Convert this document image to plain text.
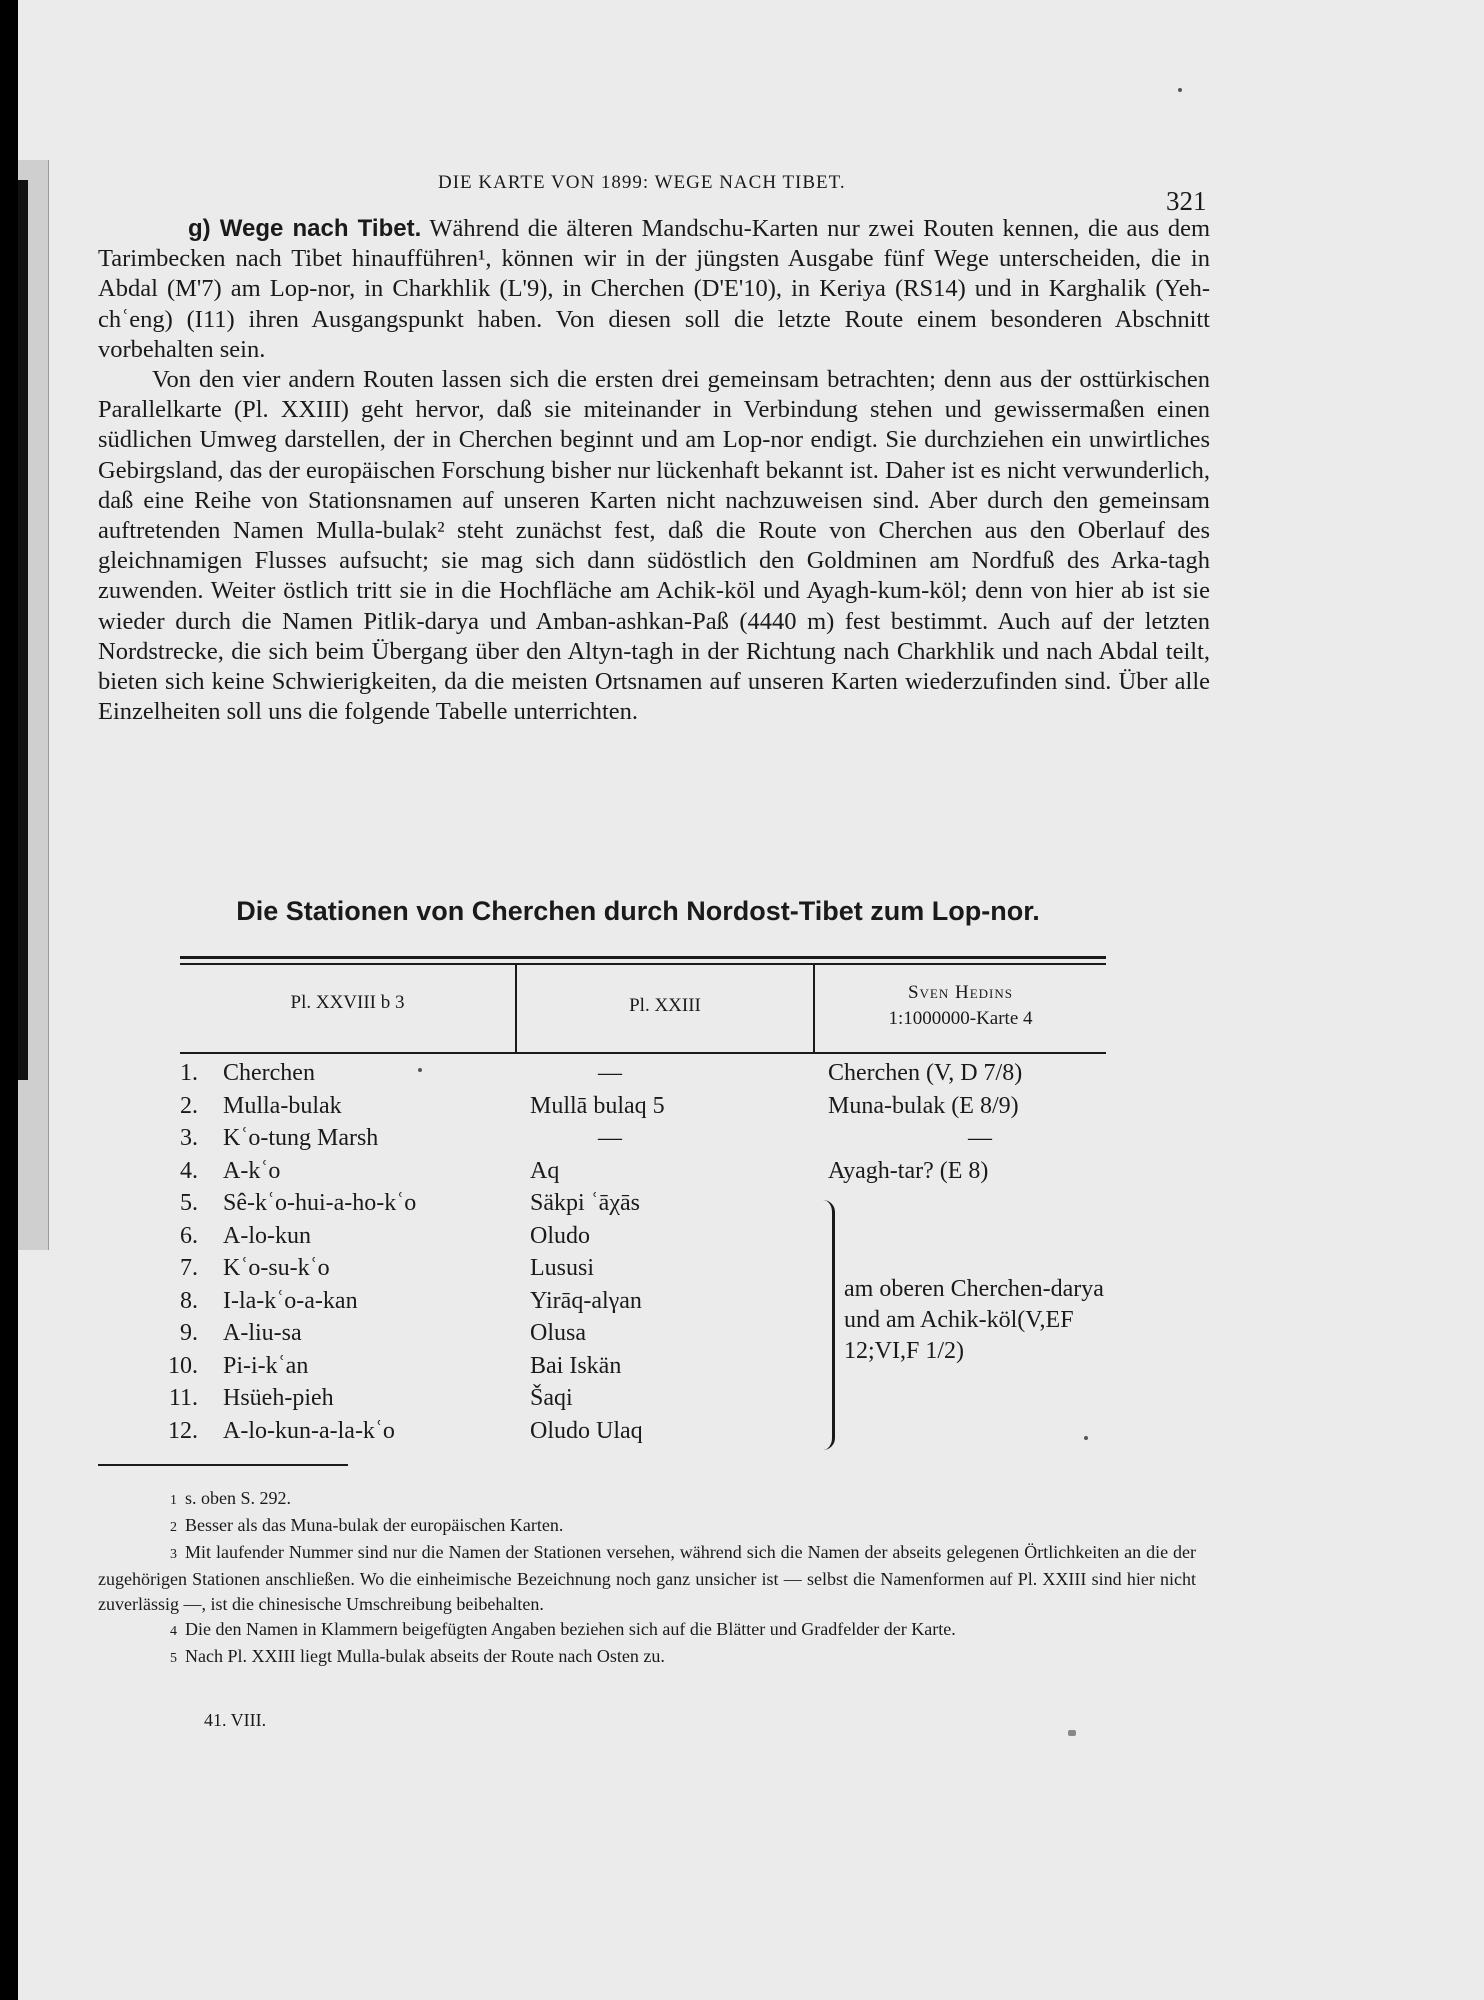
DIE KARTE VON 1899: WEGE NACH TIBET.
321

g) Wege nach Tibet. Während die älteren Mandschu-Karten nur zwei Routen kennen, die aus dem Tarimbecken nach Tibet hinaufführen¹, können wir in der jüngsten Ausgabe fünf Wege unterscheiden, die in Abdal (M'7) am Lop-nor, in Charkhlik (L'9), in Cherchen (D'E'10), in Keriya (RS14) und in Karghalik (Yeh-chʿeng) (I11) ihren Ausgangspunkt haben. Von diesen soll die letzte Route einem besonderen Abschnitt vorbehalten sein.

Von den vier andern Routen lassen sich die ersten drei gemeinsam betrachten; denn aus der osttürkischen Parallelkarte (Pl. XXIII) geht hervor, daß sie miteinander in Verbindung stehen und gewissermaßen einen südlichen Umweg darstellen, der in Cherchen beginnt und am Lop-nor endigt. Sie durchziehen ein unwirtliches Gebirgsland, das der europäischen Forschung bisher nur lückenhaft bekannt ist. Daher ist es nicht verwunderlich, daß eine Reihe von Stationsnamen auf unseren Karten nicht nachzuweisen sind. Aber durch den gemeinsam auftretenden Namen Mulla-bulak² steht zunächst fest, daß die Route von Cherchen aus den Oberlauf des gleichnamigen Flusses aufsucht; sie mag sich dann südöstlich den Goldminen am Nordfuß des Arka-tagh zuwenden. Weiter östlich tritt sie in die Hochfläche am Achik-köl und Ayagh-kum-köl; denn von hier ab ist sie wieder durch die Namen Pitlik-darya und Amban-ashkan-Paß (4440 m) fest bestimmt. Auch auf der letzten Nordstrecke, die sich beim Übergang über den Altyn-tagh in der Richtung nach Charkhlik und nach Abdal teilt, bieten sich keine Schwierigkeiten, da die meisten Ortsnamen auf unseren Karten wiederzufinden sind. Über alle Einzelheiten soll uns die folgende Tabelle unterrichten.

Die Stationen von Cherchen durch Nordost-Tibet zum Lop-nor.
Pl. XXVIII b 3	Pl. XXIII
Sven Hedins
1:1000000-Karte 4
1. Cherchen	—	Cherchen (V, D 7/8)
2. Mulla-bulak	Mullā bulaq 5	Muna-bulak (E 8/9)
3. Kʿo-tung Marsh	—	—
4. A-kʿo	Aq	Ayagh-tar? (E 8)
5. Sê-kʿo-hui-a-ho-kʿo	Säkpi ʿāχās
6. A-lo-kun	Oludo
7. Kʿo-su-kʿo	Lususi
8. I-la-kʿo-a-kan	Yirāq-alγan
9. A-liu-sa	Olusa
10. Pi-i-kʿan	Bai Iskän
11. Hsüeh-pieh	Šaqi
12. A-lo-kun-a-la-kʿo	Oludo Ulaq
am oberen Cherchen-darya und am Achik-köl(V,EF 12;VI,F 1/2)

1 s. oben S. 292.

2 Besser als das Muna-bulak der europäischen Karten.

3 Mit laufender Nummer sind nur die Namen der Stationen versehen, während sich die Namen der abseits gelegenen Örtlichkeiten an die der zugehörigen Stationen anschließen. Wo die einheimische Bezeichnung noch ganz unsicher ist — selbst die Namenformen auf Pl. XXIII sind hier nicht zuverlässig —, ist die chinesische Umschreibung beibehalten.

4 Die den Namen in Klammern beigefügten Angaben beziehen sich auf die Blätter und Gradfelder der Karte.

5 Nach Pl. XXIII liegt Mulla-bulak abseits der Route nach Osten zu.

41. VIII.
